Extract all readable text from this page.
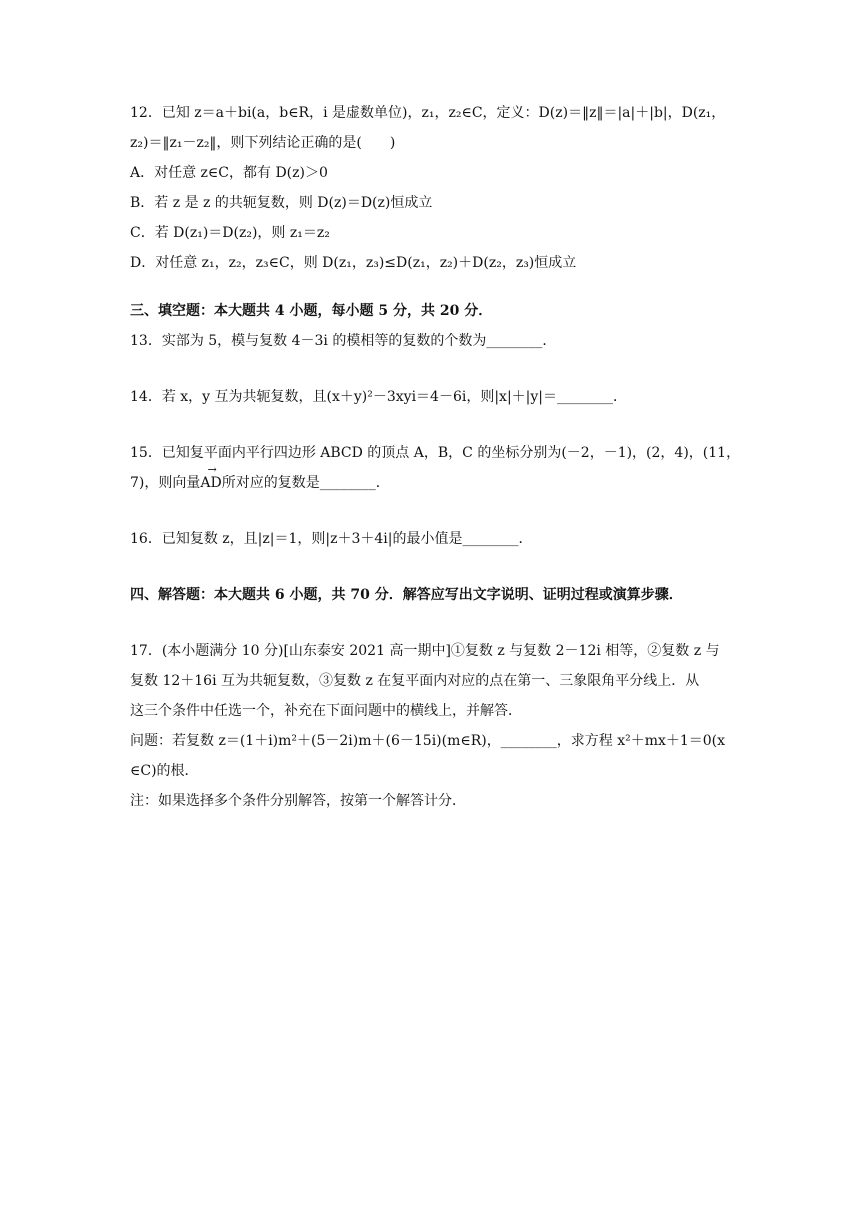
12．已知 z＝a＋bi(a，b∈R，i 是虚数单位)，z₁，z₂∈C，定义：D(z)＝‖z‖＝|a|＋|b|，D(z₁，
z₂)＝‖z₁－z₂‖，则下列结论正确的是(　　)
A．对任意 z∈C，都有 D(z)＞0
B．若 z 是 z 的共轭复数，则 D(z)＝D(z)恒成立
C．若 D(z₁)＝D(z₂)，则 z₁＝z₂
D．对任意 z₁，z₂，z₃∈C，则 D(z₁，z₃)≤D(z₁，z₂)＋D(z₂，z₃)恒成立
三、填空题：本大题共 4 小题，每小题 5 分，共 20 分．
13．实部为 5，模与复数 4－3i 的模相等的复数的个数为________．
14．若 x，y 互为共轭复数，且(x＋y)²－3xyi＝4－6i，则|x|＋|y|＝________．
15．已知复平面内平行四边形 ABCD 的顶点 A，B，C 的坐标分别为(－2，－1)，(2，4)，(11，
7)，则向量
→
AD所对应的复数是________．
16．已知复数 z，且|z|＝1，则|z＋3＋4i|的最小值是________．
四、解答题：本大题共 6 小题，共 70 分．解答应写出文字说明、证明过程或演算步骤．
17．(本小题满分 10 分)[山东泰安 2021 高一期中]①复数 z 与复数 2－12i 相等，②复数 z 与
复数 12＋16i 互为共轭复数，③复数 z 在复平面内对应的点在第一、三象限角平分线上．从
这三个条件中任选一个，补充在下面问题中的横线上，并解答．
问题：若复数 z＝(1＋i)m²＋(5－2i)m＋(6－15i)(m∈R)，________，求方程 x²＋mx＋1＝0(x
∈C)的根．
注：如果选择多个条件分别解答，按第一个解答计分．
